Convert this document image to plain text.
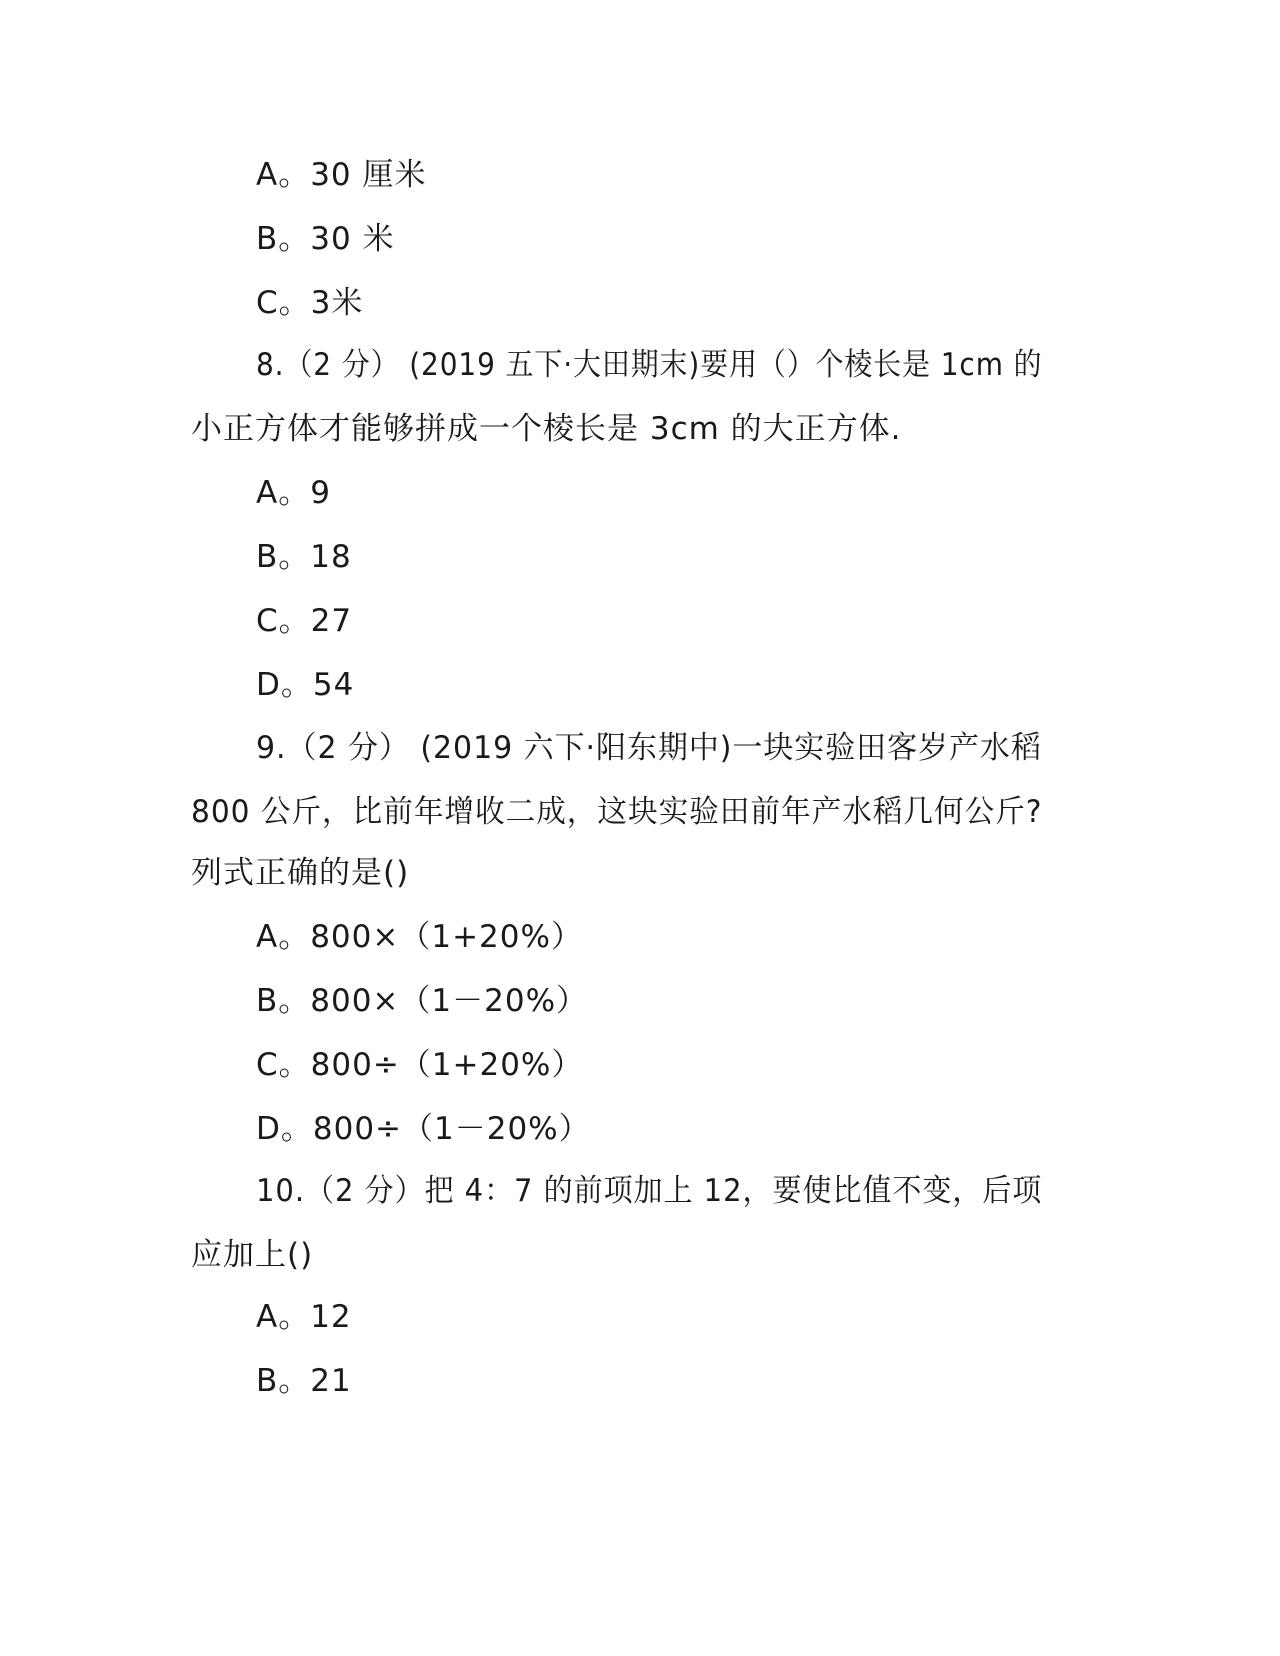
A。30 厘米
B。30 米
C。3米
8.（2 分） (2019 五下·大田期末)要用（）个棱长是 1cm 的
小正方体才能够拼成一个棱长是 3cm 的大正方体.
A。9
B。18
C。27
D。54
9.（2 分） (2019 六下·阳东期中)一块实验田客岁产水稻
800 公斤，比前年增收二成，这块实验田前年产水稻几何公斤?
列式正确的是()
A。800×（1+20%）
B。800×（1－20%）
C。800÷（1+20%）
D。800÷（1－20%）
10.（2 分）把 4：7 的前项加上 12，要使比值不变，后项
应加上()
A。12
B。21
